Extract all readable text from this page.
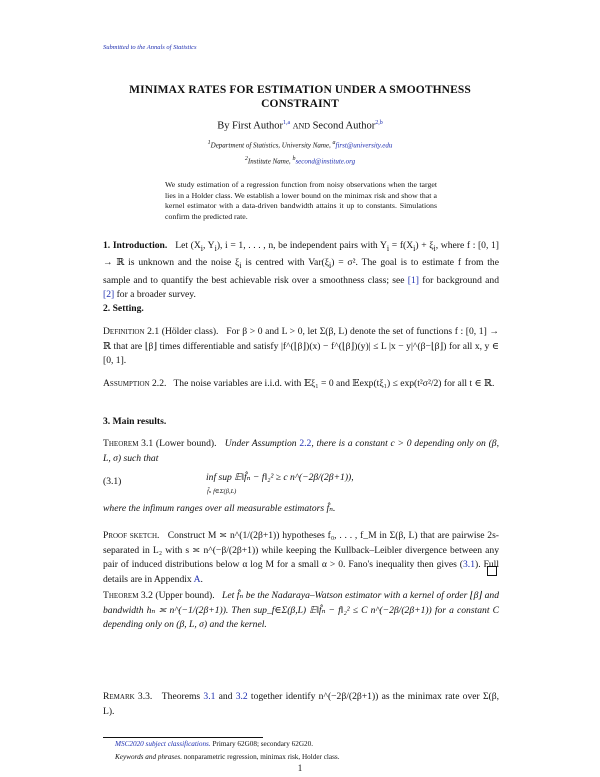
Submitted to the Annals of Statistics
MINIMAX RATES FOR ESTIMATION UNDER A SMOOTHNESS CONSTRAINT
By First Author$^{1,a}$ AND Second Author$^{2,b}$
$^1$Department of Statistics, University Name, $^a$first@university.edu
$^2$Institute Name, $^b$second@institute.org
We study estimation of a regression function from noisy observations when the target lies in a Holder class. We establish a lower bound on the minimax risk and show that a kernel estimator with a data-driven bandwidth attains it up to constants. Simulations confirm the predicted rate.
1. Introduction. Let ($X_i$, $Y_i$), i = 1, . . . , n, be independent pairs with $Y_i = f(X_i) + \xi_i$, where f : [0, 1] → ℝ is unknown and the noise $\xi_i$ is centred with $Var(\xi_i) = \sigma^2$. The goal is to estimate f from the sample and to quantify the best achievable risk over a smoothness class; see [1] for background and [2] for a broader survey.
2. Setting.
Definition 2.1 (Hölder class). For β > 0 and L > 0, let Σ(β, L) denote the set of functions f : [0, 1] → ℝ that are ⌊β⌋ times differentiable and satisfy |f^(⌊β⌋)(x) − f^(⌊β⌋)(y)| ≤ L |x − y|^(β−⌊β⌋) for all x, y ∈ [0, 1].
Assumption 2.2. The noise variables are i.i.d. with 𝔼ξ₁ = 0 and 𝔼exp(tξ₁) ≤ exp(t²σ²/2) for all t ∈ ℝ.
3. Main results.
Theorem 3.1 (Lower bound). Under Assumption 2.2, there is a constant c > 0 depending only on (β, L, σ) such that
(3.1)	inf sup 𝔼‖f̂ₙ − f‖₂² ≥ c n^(−2β/(2β+1)),
f̂ₙ f∈Σ(β,L)
where the infimum ranges over all measurable estimators f̂ₙ.
Proof sketch. Construct M ≍ n^(1/(2β+1)) hypotheses f₀, . . . , f_M in Σ(β, L) that are pairwise 2s-separated in L₂ with s ≍ n^(−β/(2β+1)) while keeping the Kullback–Leibler divergence between any pair of induced distributions below α log M for a small α > 0. Fano's inequality then gives (3.1). Full details are in Appendix A.
Theorem 3.2 (Upper bound). Let f̂ₙ be the Nadaraya–Watson estimator with a kernel of order ⌊β⌋ and bandwidth hₙ ≍ n^(−1/(2β+1)). Then sup_f∈Σ(β,L) 𝔼‖f̂ₙ − f‖₂² ≤ C n^(−2β/(2β+1)) for a constant C depending only on (β, L, σ) and the kernel.
Remark 3.3. Theorems 3.1 and 3.2 together identify n^(−2β/(2β+1)) as the minimax rate over Σ(β, L).
MSC2020 subject classifications. Primary 62G08; secondary 62G20.
Keywords and phrases. nonparametric regression, minimax risk, Holder class.
1
